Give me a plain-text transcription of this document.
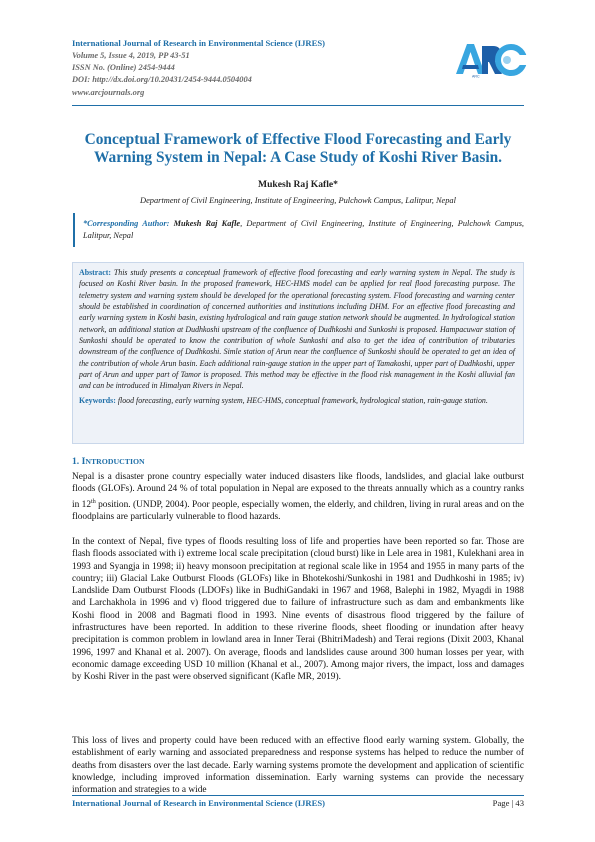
International Journal of Research in Environmental Science (IJRES)
Volume 5, Issue 4, 2019, PP 43-51
ISSN No. (Online) 2454-9444
DOI: http://dx.doi.org/10.20431/2454-9444.0504004
www.arcjournals.org
ARC
Conceptual Framework of Effective Flood Forecasting and Early Warning System in Nepal: A Case Study of Koshi River Basin.
Mukesh Raj Kafle*
Department of Civil Engineering, Institute of Engineering, Pulchowk Campus, Lalitpur, Nepal
*Corresponding Author: Mukesh Raj Kafle, Department of Civil Engineering, Institute of Engineering, Pulchowk Campus, Lalitpur, Nepal

Abstract: This study presents a conceptual framework of effective flood forecasting and early warning system in Nepal. The study is focused on Koshi River basin. In the proposed framework, HEC-HMS model can be applied for real flood forecasting purpose. The telemetry system and warning system should be developed for the operational forecasting system. Flood forecasting and warning center should be established in coordination of concerned authorities and institutions including DHM. For an effective flood forecasting and early warning system in Koshi basin, existing hydrological and rain gauge station network should be augmented. In hydrological station network, an additional station at Dudhkoshi upstream of the confluence of Dudhkoshi and Sunkoshi is proposed. Hampacuwar station of Sunkoshi should be operated to know the contribution of whole Sunkoshi and also to get the idea of contribution of tributaries downstream of the confluence of Dudhkoshi. Simle station of Arun near the confluence of Sunkoshi should be operated to get an idea of the contribution of whole Arun basin. Each additional rain-gauge station in the upper part of Tamakoshi, upper part of Dudhkoshi, upper part of Arun and upper part of Tamor is proposed. This method may be effective in the flood risk management in the Koshi alluvial fan and can be introduced in Himalyan Rivers in Nepal.

Keywords: flood forecasting, early warning system, HEC-HMS, conceptual framework, hydrological station, rain-gauge station.

1. INTRODUCTION

Nepal is a disaster prone country especially water induced disasters like floods, landslides, and glacial lake outburst floods (GLOFs). Around 24 % of total population in Nepal are exposed to the threats annually which as a country ranks in 12th position. (UNDP, 2004). Poor people, especially women, the elderly, and children, living in rural areas and on the floodplains are particularly vulnerable to flood hazards.

In the context of Nepal, five types of floods resulting loss of life and properties have been reported so far. Those are flash floods associated with i) extreme local scale precipitation (cloud burst) like in Lele area in 1981, Kulekhani area in 1993 and Syangja in 1998; ii) heavy monsoon precipitation at regional scale like in 1954 and 1955 in many parts of the country; iii) Glacial Lake Outburst Floods (GLOFs) like in Bhotekoshi/Sunkoshi in 1981 and Dudhkoshi in 1985; iv) Landslide Dam Outburst Floods (LDOFs) like in BudhiGandaki in 1967 and 1968, Balephi in 1982, Myagdi in 1988 and Larchakhola in 1996 and v) flood triggered due to failure of infrastructure such as dam and embankments like Koshi flood in 2008 and Bagmati flood in 1993. Nine events of disastrous flood triggered by the failure of infrastructures have been reported. In addition to these riverine floods, sheet flooding or inundation after heavy precipitation is common problem in lowland area in Inner Terai (BhitriMadesh) and Terai regions (Dixit 2003, Khanal 1996, 1997 and Khanal et al. 2007). On average, floods and landslides cause around 300 human losses per year, with economic damage exceeding USD 10 million (Khanal et al., 2007). Among major rivers, the impact, loss and damages by Koshi River in the past were observed significant (Kafle MR, 2019).

This loss of lives and property could have been reduced with an effective flood early warning system. Globally, the establishment of early warning and associated preparedness and response systems has helped to reduce the number of deaths from disasters over the last decade. Early warning systems promote the development and application of scientific knowledge, including improved information dissemination. Early warning systems can provide the necessary information and strategies to a wide

International Journal of Research in Environmental Science (IJRES)	Page | 43
